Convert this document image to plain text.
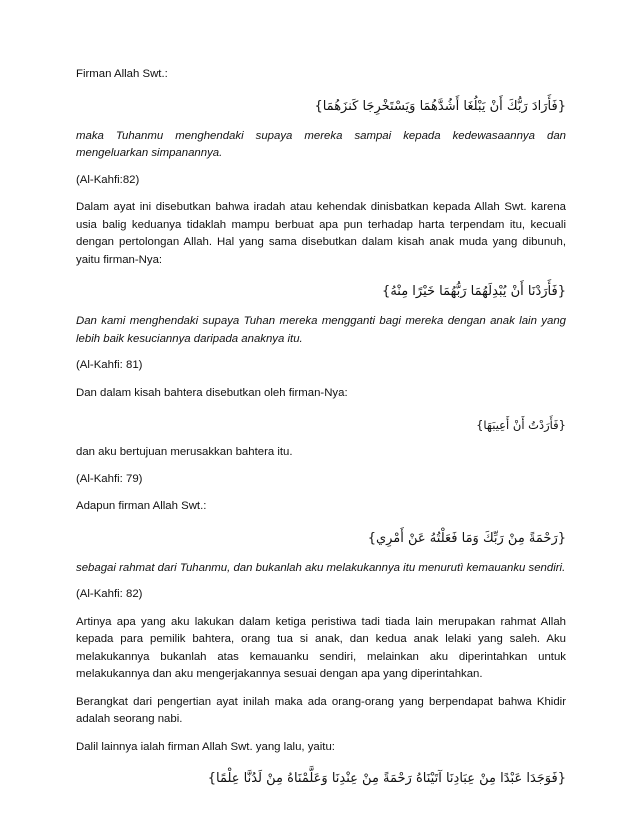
Firman Allah Swt.:

{فَأَرَادَ رَبُّكَ أَنْ يَبْلُغَا أَشُدَّهُمَا وَيَسْتَخْرِجَا كَنزَهُمَا}

maka Tuhanmu menghendaki supaya mereka sampai kepada kedewasaannya dan mengeluarkan simpanannya.

(Al-Kahfi:82)

Dalam ayat ini disebutkan bahwa iradah atau kehendak dinisbatkan kepada Allah Swt. karena usia balig keduanya tidaklah mampu berbuat apa pun terhadap harta terpendam itu, kecuali dengan pertolongan Allah. Hal yang sama disebutkan dalam kisah anak muda yang dibunuh, yaitu firman-Nya:

{فَأَرَدْنَا أَنْ يُبْدِلَهُمَا رَبُّهُمَا خَيْرًا مِنْهُ}

Dan kami menghendaki supaya Tuhan mereka mengganti bagi mereka dengan anak lain yang lebih baik kesuciannya daripada anaknya itu.

(Al-Kahfi: 81)

Dan dalam kisah bahtera disebutkan oleh firman-Nya:

{فَأَرَدْتُ أَنْ أَعِيبَهَا}

dan aku bertujuan merusakkan bahtera itu.

(Al-Kahfi: 79)

Adapun firman Allah Swt.:

{رَحْمَةً مِنْ رَبِّكَ وَمَا فَعَلْتُهُ عَنْ أَمْرِي}

sebagai rahmat dari Tuhanmu, dan bukanlah aku melakukannya itu menurutì kemauanku sendiri.

(Al-Kahfi: 82)

Artinya apa yang aku lakukan dalam ketiga peristiwa tadi tiada lain merupakan rahmat Allah kepada para pemilik bahtera, orang tua si anak, dan kedua anak lelaki yang saleh. Aku melakukannya bukanlah atas kemauanku sendiri, melainkan aku diperintahkan untuk melakukannya dan aku mengerjakannya sesuai dengan apa yang diperintahkan.

Berangkat dari pengertian ayat inilah maka ada orang-orang yang berpendapat bahwa Khidir adalah seorang nabi.

Dalil lainnya ialah firman Allah Swt. yang lalu, yaitu:

{فَوَجَدَا عَبْدًا مِنْ عِبَادِنَا آتَيْنَاهُ رَحْمَةً مِنْ عِنْدِنَا وَعَلَّمْنَاهُ مِنْ لَدُنَّا عِلْمًا}
